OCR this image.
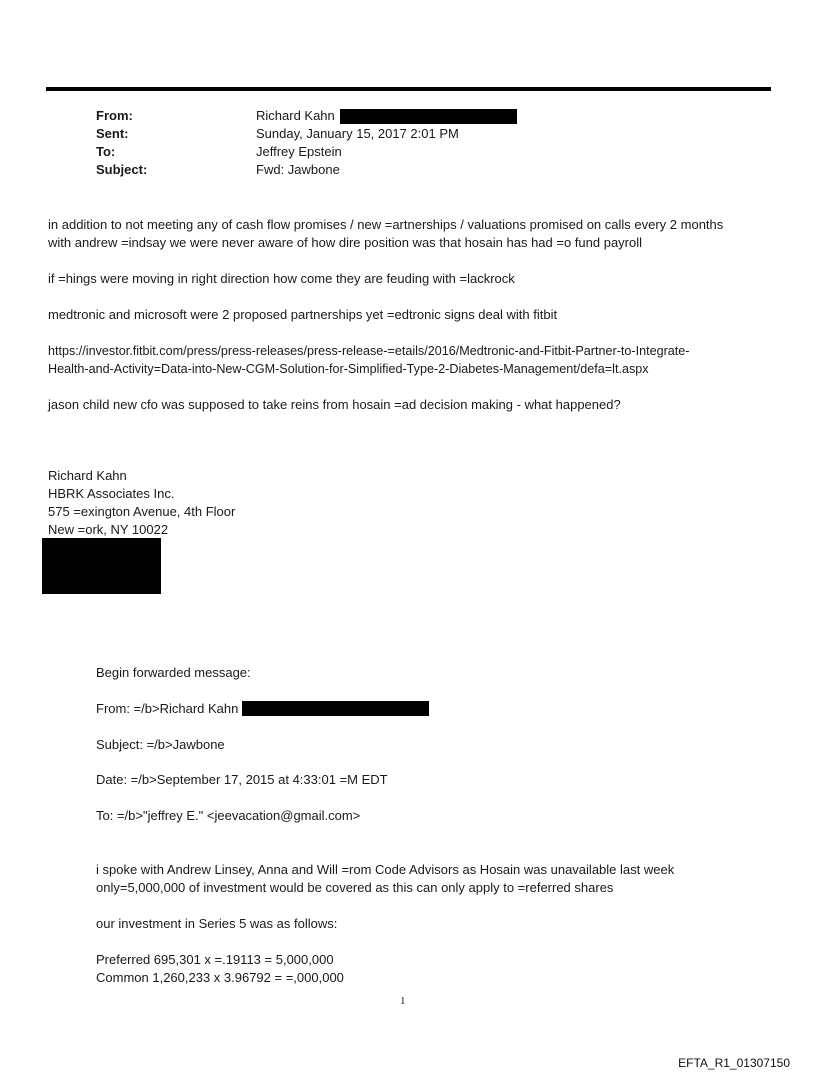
From:	Richard Kahn
Sent:	Sunday, January 15, 2017 2:01 PM
To:	Jeffrey Epstein
Subject:	Fwd: Jawbone

in addition to not meeting any of cash flow promises / new =artnerships / valuations promised on calls every 2 months

with andrew =indsay we were never aware of how dire position was that hosain has had =o fund payroll

if =hings were moving in right direction how come they are feuding with =lackrock

medtronic and microsoft were 2 proposed partnerships yet =edtronic signs deal with fitbit

https://investor.fitbit.com/press/press-releases/press-release-=etails/2016/Medtronic-and-Fitbit-Partner-to-Integrate-

Health-and-Activity=Data-into-New-CGM-Solution-for-Simplified-Type-2-Diabetes-Management/defa=lt.aspx

jason child new cfo was supposed to take reins from hosain =ad decision making - what happened?

Richard Kahn

HBRK Associates Inc.

575 =exington Avenue, 4th Floor

New =ork, NY 10022

Begin forwarded message:

From: =/b>Richard Kahn

Subject: =/b>Jawbone

Date: =/b>September 17, 2015 at 4:33:01 =M EDT

To: =/b>"jeffrey E." <jeevacation@gmail.com>

i spoke with Andrew Linsey, Anna and Will =rom Code Advisors as Hosain was unavailable last week

only=5,000,000 of investment would be covered as this can only apply to =referred shares

our investment in Series 5 was as follows:

Preferred 695,301 x =.19113 = 5,000,000

Common 1,260,233 x 3.96792 = =,000,000

1
EFTA_R1_01307150
